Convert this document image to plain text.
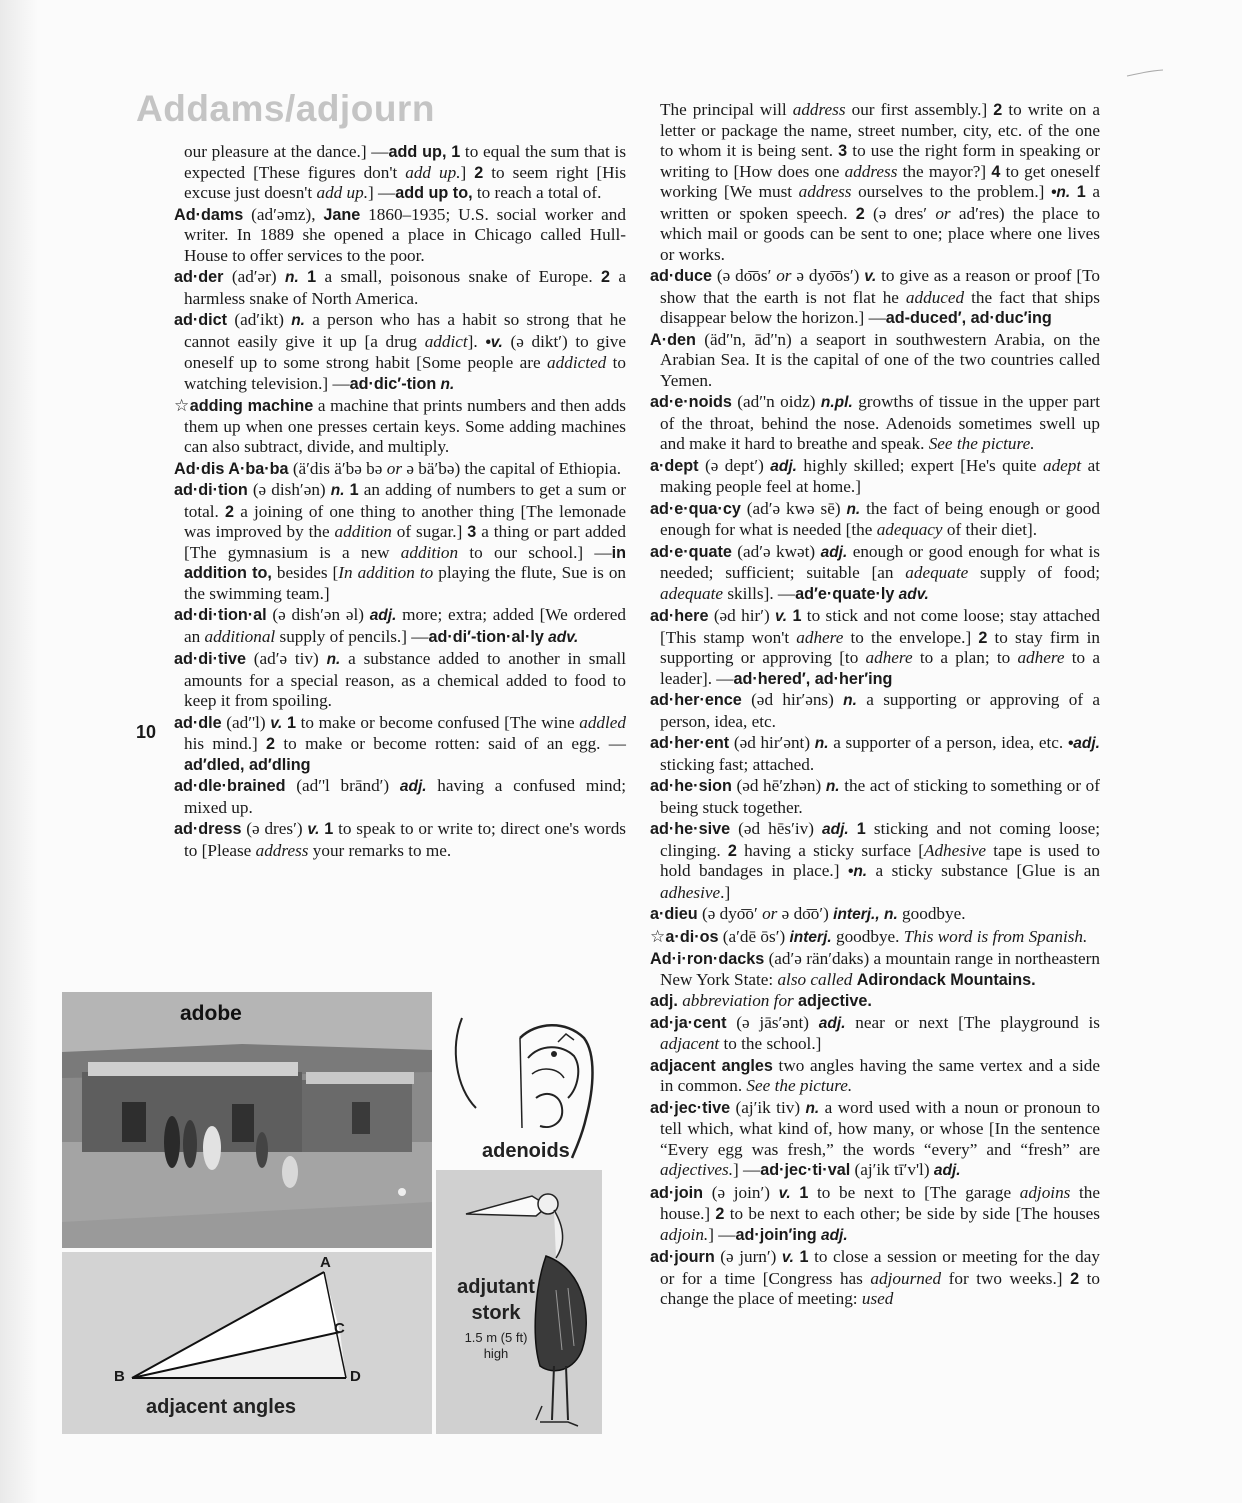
Addams/adjourn
10
our pleasure at the dance.] —add up, 1 to equal the sum that is expected [These figures don't add up.] 2 to seem right [His excuse just doesn't add up.] —add up to, to reach a total of.
Ad·dams (ad′əmz), Jane 1860–1935; U.S. social worker and writer. In 1889 she opened a place in Chicago called Hull-House to offer services to the poor.
ad·der (ad′ər) n. 1 a small, poisonous snake of Europe. 2 a harmless snake of North America.
ad·dict (ad′ikt) n. a person who has a habit so strong that he cannot easily give it up [a drug addict]. •v. (ə dikt′) to give oneself up to some strong habit [Some people are addicted to watching television.] —ad·dic′-tion n.
☆adding machine a machine that prints numbers and then adds them up when one presses certain keys. Some adding machines can also subtract, divide, and multiply.
Ad·dis A·ba·ba (ä′dis ä′bə bə or ə bä′bə) the capital of Ethiopia.
ad·di·tion (ə dish′ən) n. 1 an adding of numbers to get a sum or total. 2 a joining of one thing to another thing [The lemonade was improved by the addition of sugar.] 3 a thing or part added [The gymnasium is a new addition to our school.] —in addition to, besides [In addition to playing the flute, Sue is on the swimming team.]
ad·di·tion·al (ə dish′ən əl) adj. more; extra; added [We ordered an additional supply of pencils.] —ad·di′-tion·al·ly adv.
ad·di·tive (ad′ə tiv) n. a substance added to another in small amounts for a special reason, as a chemical added to food to keep it from spoiling.
ad·dle (ad′'l) v. 1 to make or become confused [The wine addled his mind.] 2 to make or become rotten: said of an egg. —ad′dled, ad′dling
ad·dle·brained (ad′'l brānd′) adj. having a confused mind; mixed up.
ad·dress (ə dres′) v. 1 to speak to or write to; direct one's words to [Please address your remarks to me.
The principal will address our first assembly.] 2 to write on a letter or package the name, street number, city, etc. of the one to whom it is being sent. 3 to use the right form in speaking or writing to [How does one address the mayor?] 4 to get oneself working [We must address ourselves to the problem.] •n. 1 a written or spoken speech. 2 (ə dres′ or ad′res) the place to which mail or goods can be sent to one; place where one lives or works.
ad·duce (ə do͞os′ or ə dyo͞os′) v. to give as a reason or proof [To show that the earth is not flat he adduced the fact that ships disappear below the horizon.] —ad-duced′, ad·duc′ing
A·den (äd′'n, ād′'n) a seaport in southwestern Arabia, on the Arabian Sea. It is the capital of one of the two countries called Yemen.
ad·e·noids (ad′'n oidz) n.pl. growths of tissue in the upper part of the throat, behind the nose. Adenoids sometimes swell up and make it hard to breathe and speak. See the picture.
a·dept (ə dept′) adj. highly skilled; expert [He's quite adept at making people feel at home.]
ad·e·qua·cy (ad′ə kwə sē) n. the fact of being enough or good enough for what is needed [the adequacy of their diet].
ad·e·quate (ad′ə kwət) adj. enough or good enough for what is needed; sufficient; suitable [an adequate supply of food; adequate skills]. —ad′e·quate·ly adv.
ad·here (əd hir′) v. 1 to stick and not come loose; stay attached [This stamp won't adhere to the envelope.] 2 to stay firm in supporting or approving [to adhere to a plan; to adhere to a leader]. —ad·hered′, ad·her′ing
ad·her·ence (əd hir′əns) n. a supporting or approving of a person, idea, etc.
ad·her·ent (əd hir′ənt) n. a supporter of a person, idea, etc. •adj. sticking fast; attached.
ad·he·sion (əd hē′zhən) n. the act of sticking to something or of being stuck together.
ad·he·sive (əd hēs′iv) adj. 1 sticking and not coming loose; clinging. 2 having a sticky surface [Adhesive tape is used to hold bandages in place.] •n. a sticky substance [Glue is an adhesive.]
a·dieu (ə dyo͞o′ or ə do͞o′) interj., n. goodbye.
☆a·di·os (a′dē ōs′) interj. goodbye. This word is from Spanish.
Ad·i·ron·dacks (ad′ə rän′daks) a mountain range in northeastern New York State: also called Adirondack Mountains.
adj. abbreviation for adjective.
ad·ja·cent (ə jās′ənt) adj. near or next [The playground is adjacent to the school.]
adjacent angles two angles having the same vertex and a side in common. See the picture.
ad·jec·tive (aj′ik tiv) n. a word used with a noun or pronoun to tell which, what kind of, how many, or whose [In the sentence “Every egg was fresh,” the words “every” and “fresh” are adjectives.] —ad·jec·ti·val (aj′ik tī′v'l) adj.
ad·join (ə join′) v. 1 to be next to [The garage adjoins the house.] 2 to be next to each other; be side by side [The houses adjoin.] —ad·join′ing adj.
ad·journ (ə jurn′) v. 1 to close a session or meeting for the day or for a time [Congress has adjourned for two weeks.] 2 to change the place of meeting: used
adobe
adenoids
adjutant
stork
1.5 m (5 ft)
high
A
B
C
D
adjacent angles
